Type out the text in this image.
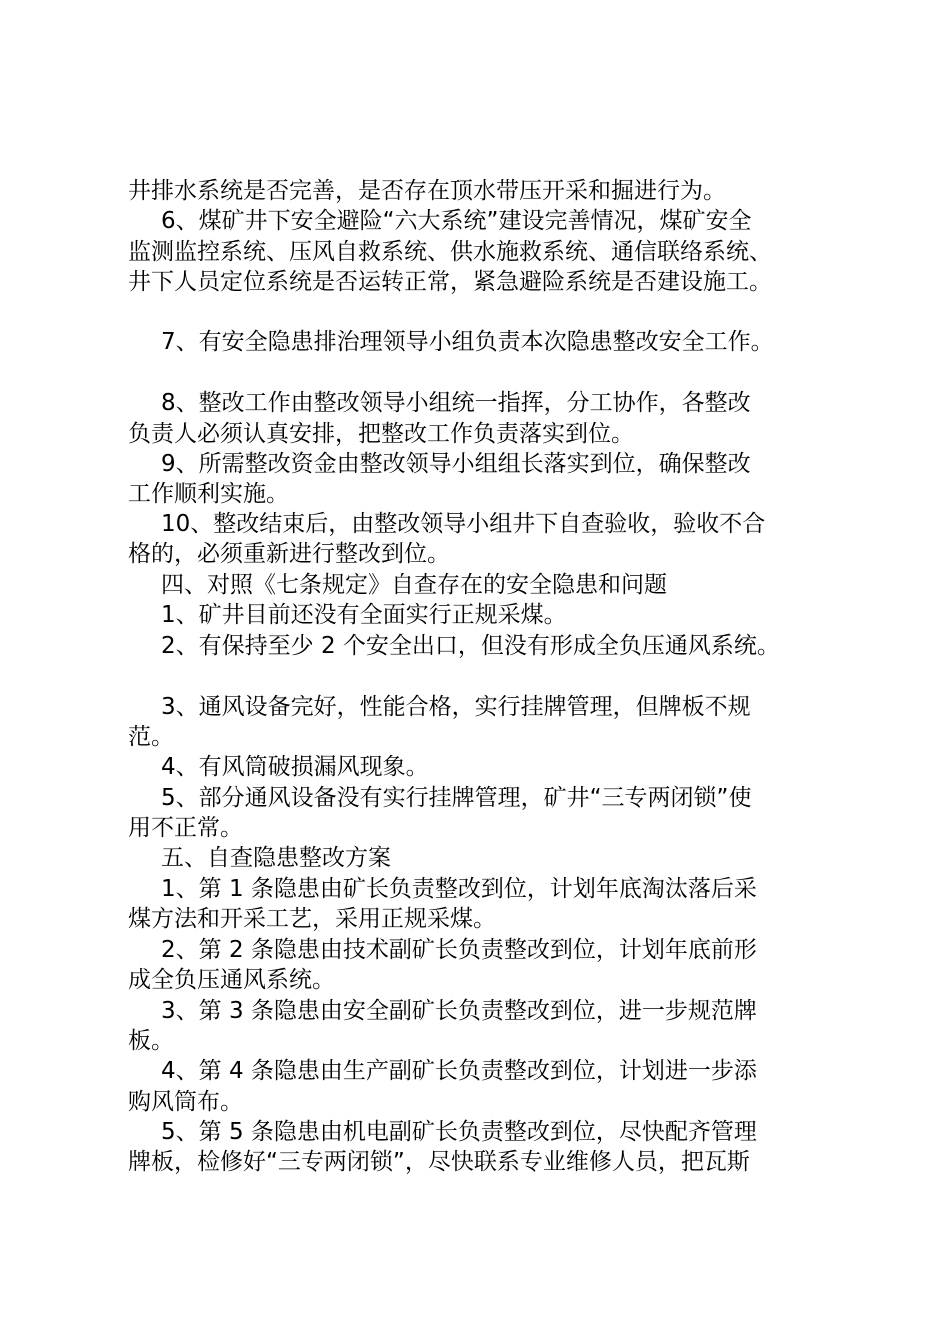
井排水系统是否完善，是否存在顶水带压开采和掘进行为。
6、煤矿井下安全避险“六大系统”建设完善情况，煤矿安全
监测监控系统、压风自救系统、供水施救系统、通信联络系统、
井下人员定位系统是否运转正常，紧急避险系统是否建设施工。
7、有安全隐患排治理领导小组负责本次隐患整改安全工作。
8、整改工作由整改领导小组统一指挥，分工协作，各整改
负责人必须认真安排，把整改工作负责落实到位。
9、所需整改资金由整改领导小组组长落实到位，确保整改
工作顺利实施。
10、整改结束后，由整改领导小组井下自查验收，验收不合
格的，必须重新进行整改到位。
四、对照《七条规定》自查存在的安全隐患和问题
1、矿井目前还没有全面实行正规采煤。
2、有保持至少 2 个安全出口，但没有形成全负压通风系统。
3、通风设备完好，性能合格，实行挂牌管理，但牌板不规
范。
4、有风筒破损漏风现象。
5、部分通风设备没有实行挂牌管理，矿井“三专两闭锁”使
用不正常。
五、自查隐患整改方案
1、第 1 条隐患由矿长负责整改到位，计划年底淘汰落后采
煤方法和开采工艺，采用正规采煤。
2、第 2 条隐患由技术副矿长负责整改到位，计划年底前形
成全负压通风系统。
3、第 3 条隐患由安全副矿长负责整改到位，进一步规范牌
板。
4、第 4 条隐患由生产副矿长负责整改到位，计划进一步添
购风筒布。
5、第 5 条隐患由机电副矿长负责整改到位，尽快配齐管理
牌板，检修好“三专两闭锁”，尽快联系专业维修人员，把瓦斯
